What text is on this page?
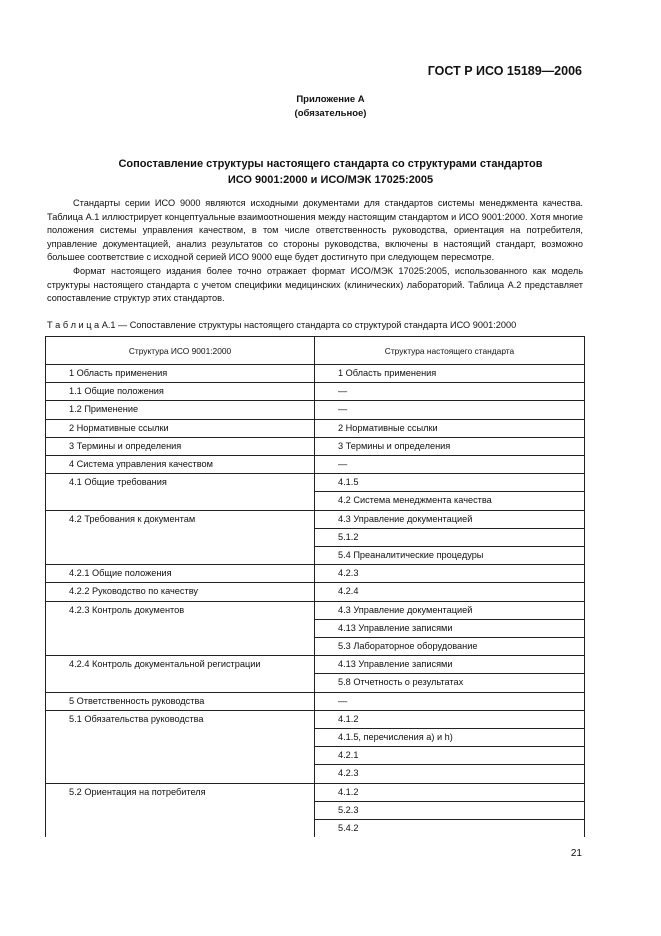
ГОСТ Р ИСО 15189—2006
Приложение А
(обязательное)
Сопоставление структуры настоящего стандарта со структурами стандартов
ИСО 9001:2000 и ИСО/МЭК 17025:2005

Стандарты серии ИСО 9000 являются исходными документами для стандартов системы менеджмента качества. Таблица А.1 иллюстрирует концептуальные взаимоотношения между настоящим стандартом и ИСО 9001:2000. Хотя многие положения системы управления качеством, в том числе ответственность руководства, ориентация на потребителя, управление документацией, анализ результатов со стороны руководства, включены в настоящий стандарт, возможно большее соответствие с исходной серией ИСО 9000 еще будет достигнуто при следующем пересмотре.

Формат настоящего издания более точно отражает формат ИСО/МЭК 17025:2005, использованного как модель структуры настоящего стандарта с учетом специфики медицинских (клинических) лабораторий. Таблица А.2 представляет сопоставление структур этих стандартов.

Т а б л и ц а А.1 — Сопоставление структуры настоящего стандарта со структурой стандарта ИСО 9001:2000
Структура ИСО 9001:2000	Структура настоящего стандарта
1 Область применения	1 Область применения
1.1 Общие положения	—
1.2 Применение	—
2 Нормативные ссылки	2 Нормативные ссылки
3 Термины и определения	3 Термины и определения
4 Система управления качеством	—
4.1 Общие требования	4.1.5
	4.2 Система менеджмента качества
4.2 Требования к документам	4.3 Управление документацией
	5.1.2
	5.4 Преаналитические процедуры
4.2.1 Общие положения	4.2.3
4.2.2 Руководство по качеству	4.2.4
4.2.3 Контроль документов	4.3 Управление документацией
	4.13 Управление записями
	5.3 Лабораторное оборудование
4.2.4 Контроль документальной регистрации	4.13 Управление записями
	5.8 Отчетность о результатах
5 Ответственность руководства	—
5.1 Обязательства руководства	4.1.2
	4.1.5, перечисления a) и h)
	4.2.1
	4.2.3
5.2 Ориентация на потребителя	4.1.2
	5.2.3
	5.4.2
21
